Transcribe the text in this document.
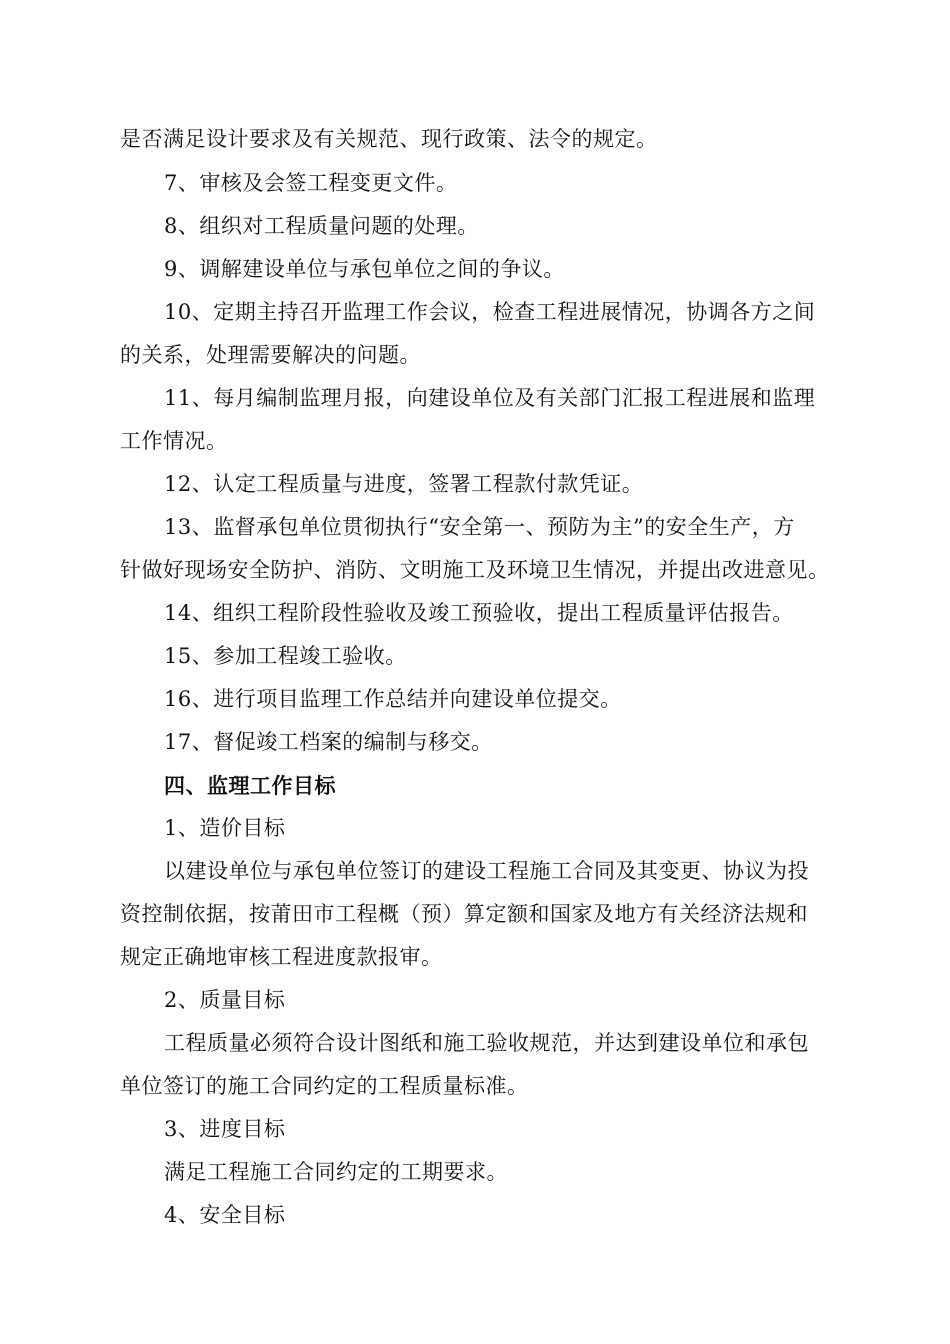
是否满足设计要求及有关规范、现行政策、法令的规定。
7、审核及会签工程变更文件。
8、组织对工程质量问题的处理。
9、调解建设单位与承包单位之间的争议。
10、定期主持召开监理工作会议，检查工程进展情况，协调各方之间
的关系，处理需要解决的问题。
11、每月编制监理月报，向建设单位及有关部门汇报工程进展和监理
工作情况。
12、认定工程质量与进度，签署工程款付款凭证。
13、监督承包单位贯彻执行“安全第一、预防为主”的安全生产，方
针做好现场安全防护、消防、文明施工及环境卫生情况，并提出改进意见。
14、组织工程阶段性验收及竣工预验收，提出工程质量评估报告。
15、参加工程竣工验收。
16、进行项目监理工作总结并向建设单位提交。
17、督促竣工档案的编制与移交。
四、监理工作目标
1、造价目标
以建设单位与承包单位签订的建设工程施工合同及其变更、协议为投
资控制依据，按莆田市工程概（预）算定额和国家及地方有关经济法规和
规定正确地审核工程进度款报审。
2、质量目标
工程质量必须符合设计图纸和施工验收规范，并达到建设单位和承包
单位签订的施工合同约定的工程质量标准。
3、进度目标
满足工程施工合同约定的工期要求。
4、安全目标
